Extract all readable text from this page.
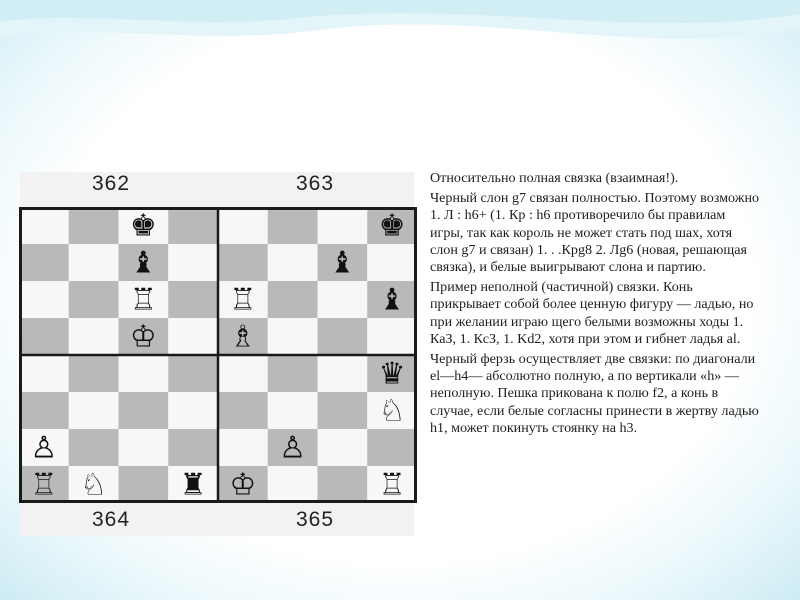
362	363
364	365
♚
♝
♖
♔
♖
♗
♝
♚
♝
♛
♘
♙
♖ ♘ ♜ ♔
♙
♖

Относительно полная связка (взаимная!).

Черный слон g7 связан полностью. Поэтому возможно 1. Л : h6+ (1. Кр : h6 противоречило бы правилам игры, так как король не может стать под шах, хотя слон g7 и связан) 1. . .Крg8 2. Лg6 (новая, решающая связка), и белые выигрывают слона и партию.

Пример неполной (частичной) связки. Конь прикрывает собой более ценную фигуру — ладью, но при желании играю щего белыми возможны ходы 1. КаЗ, 1. КсЗ, 1. Kd2, хотя при этом и гибнет ладья al.

Черный ферзь осуществляет две связки: по диагонали el—h4— абсолютно полную, а по вертикали «h» — неполную. Пешка прикована к полю f2, а конь в случае, если белые согласны принести в жертву ладью h1, может покинуть стоянку на h3.
